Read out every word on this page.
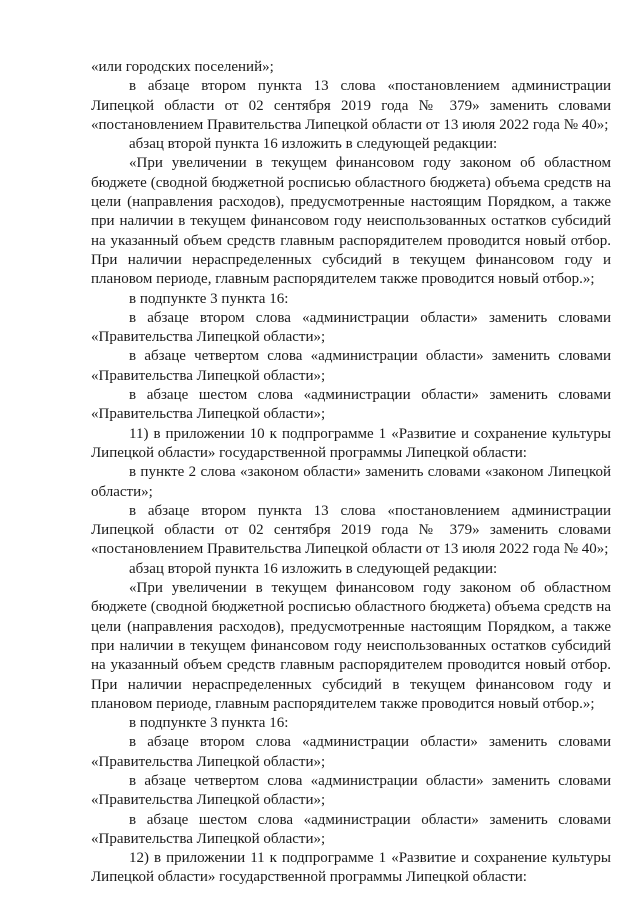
«или городских поселений»;

в абзаце втором пункта 13 слова «постановлением администрации Липецкой области от 02 сентября 2019 года № 379» заменить словами «постановлением Правительства Липецкой области от 13 июля 2022 года № 40»;

абзац второй пункта 16 изложить в следующей редакции:

«При увеличении в текущем финансовом году законом об областном бюджете (сводной бюджетной росписью областного бюджета) объема средств на цели (направления расходов), предусмотренные настоящим Порядком, а также при наличии в текущем финансовом году неиспользованных остатков субсидий на указанный объем средств главным распорядителем проводится новый отбор. При наличии нераспределенных субсидий в текущем финансовом году и плановом периоде, главным распорядителем также проводится новый отбор.»;

в подпункте 3 пункта 16:

в абзаце втором слова «администрации области» заменить словами «Правительства Липецкой области»;

в абзаце четвертом слова «администрации области» заменить словами «Правительства Липецкой области»;

в абзаце шестом слова «администрации области» заменить словами «Правительства Липецкой области»;

11) в приложении 10 к подпрограмме 1 «Развитие и сохранение культуры Липецкой области» государственной программы Липецкой области:

в пункте 2 слова «законом области» заменить словами «законом Липецкой области»;

в абзаце втором пункта 13 слова «постановлением администрации Липецкой области от 02 сентября 2019 года № 379» заменить словами «постановлением Правительства Липецкой области от 13 июля 2022 года № 40»;

абзац второй пункта 16 изложить в следующей редакции:

«При увеличении в текущем финансовом году законом об областном бюджете (сводной бюджетной росписью областного бюджета) объема средств на цели (направления расходов), предусмотренные настоящим Порядком, а также при наличии в текущем финансовом году неиспользованных остатков субсидий на указанный объем средств главным распорядителем проводится новый отбор. При наличии нераспределенных субсидий в текущем финансовом году и плановом периоде, главным распорядителем также проводится новый отбор.»;

в подпункте 3 пункта 16:

в абзаце втором слова «администрации области» заменить словами «Правительства Липецкой области»;

в абзаце четвертом слова «администрации области» заменить словами «Правительства Липецкой области»;

в абзаце шестом слова «администрации области» заменить словами «Правительства Липецкой области»;

12) в приложении 11 к подпрограмме 1 «Развитие и сохранение культуры Липецкой области» государственной программы Липецкой области:
